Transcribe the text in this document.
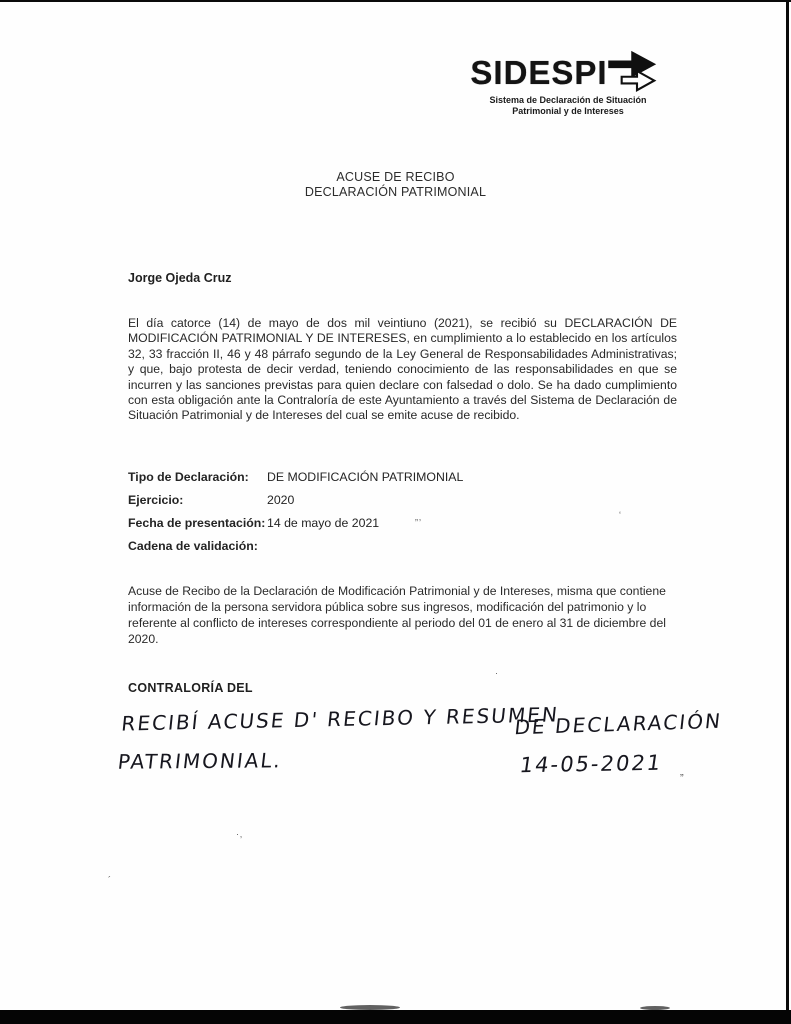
SIDESPI
Sistema de Declaración de Situación
Patrimonial y de Intereses
ACUSE DE RECIBO
DECLARACIÓN PATRIMONIAL
Jorge Ojeda Cruz
El día catorce (14) de mayo de dos mil veintiuno (2021), se recibió su DECLARACIÓN DE MODIFICACIÓN PATRIMONIAL Y DE INTERESES, en cumplimiento a lo establecido en los artículos 32, 33 fracción II, 46 y 48 párrafo segundo de la Ley General de Responsabilidades Administrativas; y que, bajo protesta de decir verdad, teniendo conocimiento de las responsabilidades en que se incurren y las sanciones previstas para quien declare con falsedad o dolo. Se ha dado cumplimiento con esta obligación ante la Contraloría de este Ayuntamiento a través del Sistema de Declaración de Situación Patrimonial y de Intereses del cual se emite acuse de recibido.
Tipo de Declaración:	DE MODIFICACIÓN PATRIMONIAL
Ejercicio:	2020
Fecha de presentación: 14 de mayo de 2021
Cadena de validación:
Acuse de Recibo de la Declaración de Modificación Patrimonial y de Intereses, misma que contiene información de la persona servidora pública sobre sus ingresos, modificación del patrimonio y lo referente al conflicto de intereses correspondiente al periodo del 01 de enero al 31 de diciembre del 2020.
CONTRALORÍA DEL
RECIBÍ ACUSE D' RECIBO Y RESUMEN
DE DECLARACIÓN
PATRIMONIAL.	14-05-2021
„‚	‘
·
„
·‚
´
